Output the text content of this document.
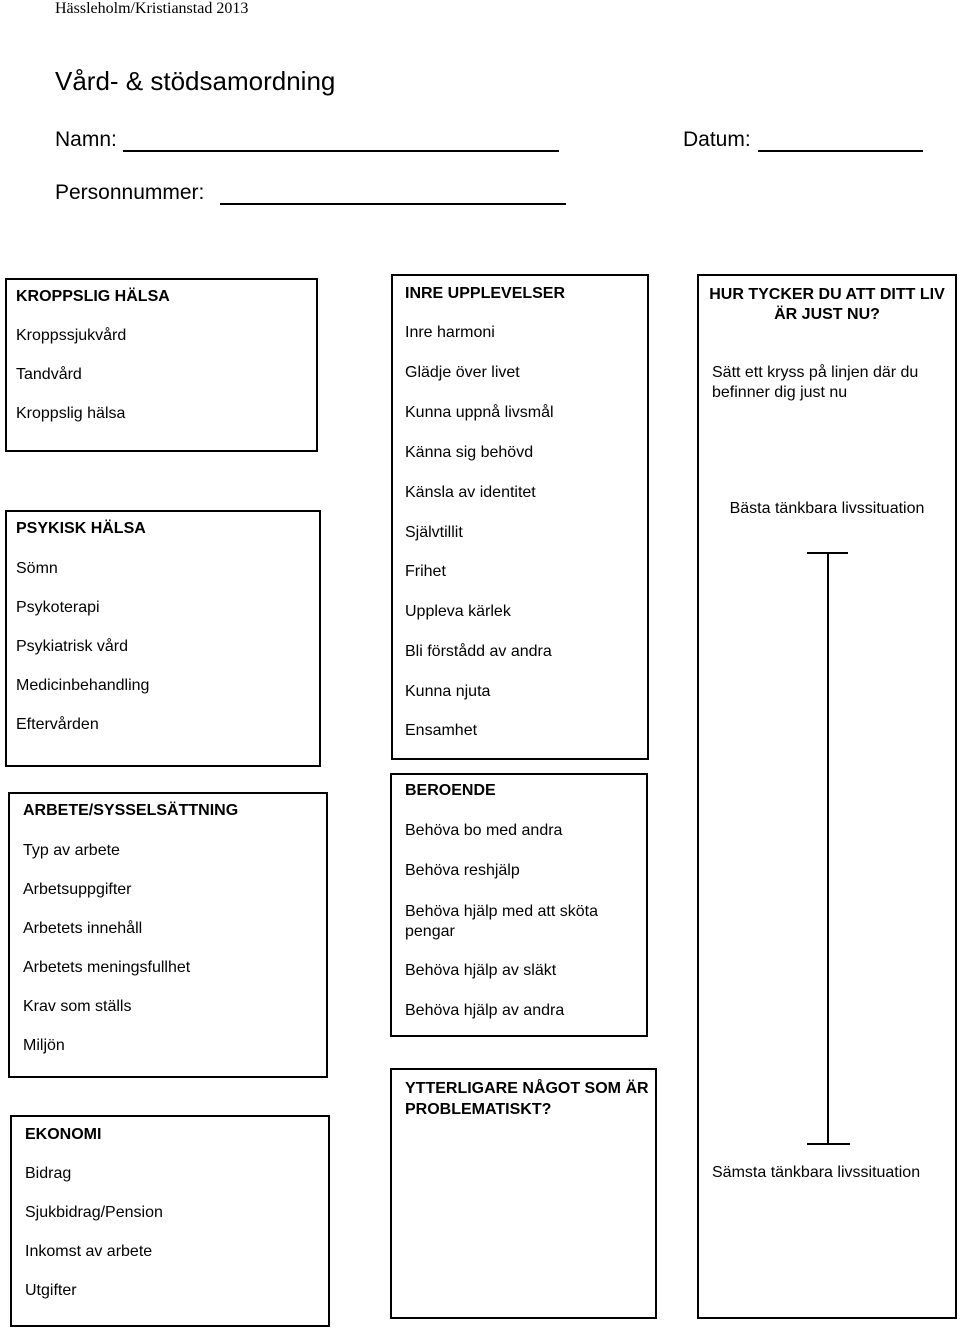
Hässleholm/Kristianstad 2013
Vård- & stödsamordning
Namn:	Datum:
Personnummer:
KROPPSLIG HÄLSA
Kroppssjukvård
Tandvård
Kroppslig hälsa
PSYKISK HÄLSA
Sömn
Psykoterapi
Psykiatrisk vård
Medicinbehandling
Eftervården
ARBETE/SYSSELSÄTTNING
Typ av arbete
Arbetsuppgifter
Arbetets innehåll
Arbetets meningsfullhet
Krav som ställs
Miljön
EKONOMI
Bidrag
Sjukbidrag/Pension
Inkomst av arbete
Utgifter
INRE UPPLEVELSER
Inre harmoni
Glädje över livet
Kunna uppnå livsmål
Känna sig behövd
Känsla av identitet
Självtillit
Frihet
Uppleva kärlek
Bli förstådd av andra
Kunna njuta
Ensamhet
BEROENDE
Behöva bo med andra
Behöva reshjälp
Behöva hjälp med att sköta pengar
Behöva hjälp av släkt
Behöva hjälp av andra
YTTERLIGARE NÅGOT SOM ÄR PROBLEMATISKT?
HUR TYCKER DU ATT DITT LIV ÄR JUST NU?
Sätt ett kryss på linjen där du befinner dig just nu
Bästa tänkbara livssituation
Sämsta tänkbara livssituation
